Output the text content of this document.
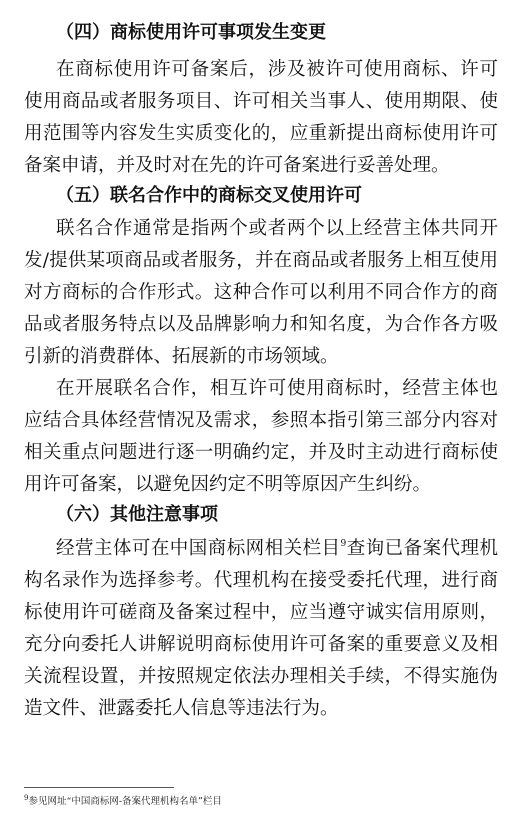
（四）商标使用许可事项发生变更
在商标使用许可备案后，涉及被许可使用商标、许可
使用商品或者服务项目、许可相关当事人、使用期限、使
用范围等内容发生实质变化的，应重新提出商标使用许可
备案申请，并及时对在先的许可备案进行妥善处理。
（五）联名合作中的商标交叉使用许可
联名合作通常是指两个或者两个以上经营主体共同开
发/提供某项商品或者服务，并在商品或者服务上相互使用
对方商标的合作形式。这种合作可以利用不同合作方的商
品或者服务特点以及品牌影响力和知名度，为合作各方吸
引新的消费群体、拓展新的市场领域。
在开展联名合作，相互许可使用商标时，经营主体也
应结合具体经营情况及需求，参照本指引第三部分内容对
相关重点问题进行逐一明确约定，并及时主动进行商标使
用许可备案，以避免因约定不明等原因产生纠纷。
（六）其他注意事项
经营主体可在中国商标网相关栏目$^9$查询已备案代理机
构名录作为选择参考。代理机构在接受委托代理，进行商
标使用许可磋商及备案过程中，应当遵守诚实信用原则，
充分向委托人讲解说明商标使用许可备案的重要意义及相
关流程设置，并按照规定依法办理相关手续，不得实施伪
造文件、泄露委托人信息等违法行为。
$^9$参见网址“中国商标网-备案代理机构名单”栏目
